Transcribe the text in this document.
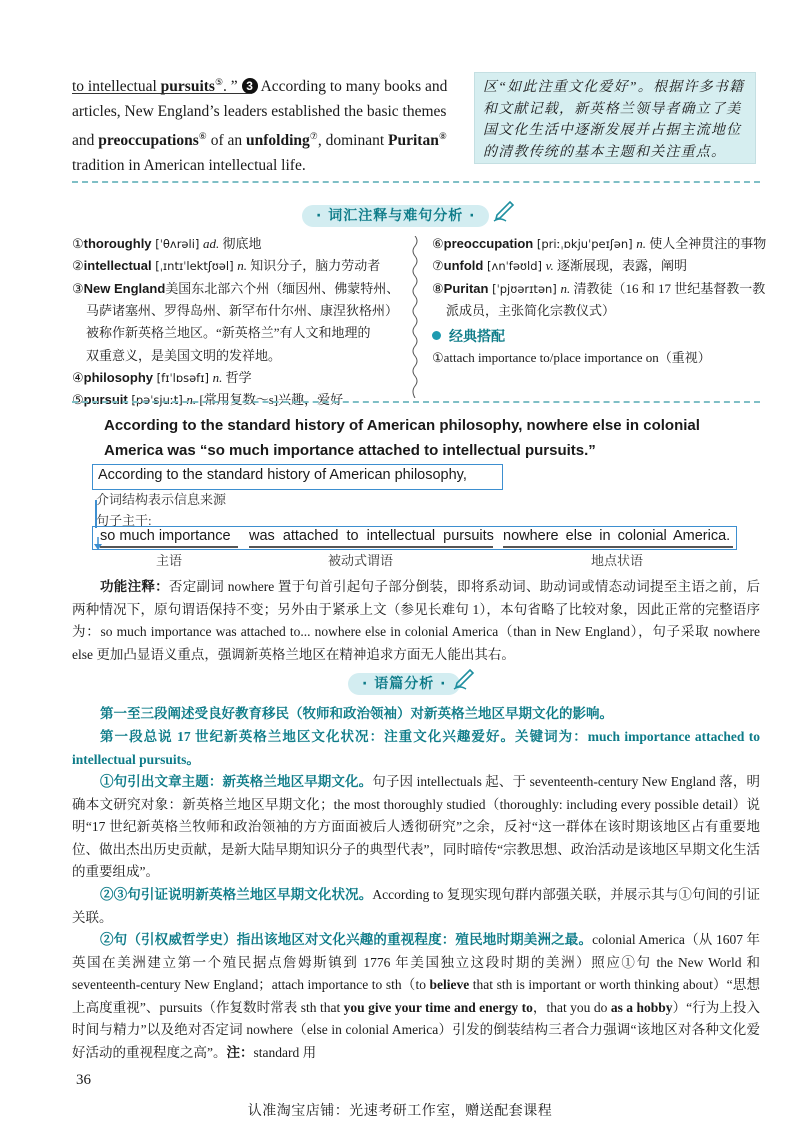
to intellectual pursuits⑤. ” 3 According to many books and
articles, New England’s leaders established the basic themes
and preoccupations⑥ of an unfolding⑦, dominant Puritan⑧
tradition in American intellectual life.
区“如此注重文化爱好”。根据许多书籍和文献记载，新英格兰领导者确立了美国文化生活中逐渐发展并占据主流地位的清教传统的基本主题和关注重点。
· 词汇注释与难句分析 ·
①thoroughly [ˈθʌrəli] ad. 彻底地
②intellectual [ˌɪntɪˈlektʃʊəl] n. 知识分子，脑力劳动者
③New England美国东北部六个州（缅因州、佛蒙特州、
马萨诸塞州、罗得岛州、新罕布什尔州、康涅狄格州）
被称作新英格兰地区。“新英格兰”有人文和地理的
双重意义，是美国文明的发祥地。
④philosophy [fɪˈlɒsəfɪ] n. 哲学
⑤pursuit [pəˈsjuːt] n. [常用复数～s]兴趣，爱好
⑥preoccupation [priːˌɒkjuˈpeɪʃən] n. 使人全神贯注的事物
⑦unfold [ʌnˈfəʊld] v. 逐渐展现，表露，阐明
⑧Puritan [ˈpjʊərɪtən] n. 清教徒（16 和 17 世纪基督教一教
派成员，主张简化宗教仪式）
经典搭配
①attach importance to/place importance on（重视）
According to the standard history of American philosophy, nowhere else in colonial America was “so much importance attached to intellectual pursuits.”
According to the standard history of American philosophy,
介词结构表示信息来源
句子主干:
so much importance was attached to intellectual pursuits nowhere else in colonial America.
主语	被动式谓语	地点状语
功能注释：否定副词 nowhere 置于句首引起句子部分倒装，即将系动词、助动词或情态动词提至主语之前，后两种情况下，原句谓语保持不变；另外由于紧承上文（参见长难句 1），本句省略了比较对象，因此正常的完整语序为：so much importance was attached to... nowhere else in colonial America（than in New England），句子采取 nowhere else 更加凸显语义重点，强调新英格兰地区在精神追求方面无人能出其右。
· 语篇分析 ·
第一至三段阐述受良好教育移民（牧师和政治领袖）对新英格兰地区早期文化的影响。
第一段总说 17 世纪新英格兰地区文化状况：注重文化兴趣爱好。关键词为：much importance attached to intellectual pursuits。
①句引出文章主题：新英格兰地区早期文化。句子因 intellectuals 起、于 seventeenth-century New England 落，明确本文研究对象：新英格兰地区早期文化；the most thoroughly studied（thoroughly: including every possible detail）说明“17 世纪新英格兰牧师和政治领袖的方方面面被后人透彻研究”之余，反衬“这一群体在该时期该地区占有重要地位、做出杰出历史贡献，是新大陆早期知识分子的典型代表”，同时暗传“宗教思想、政治活动是该地区早期文化生活的重要组成”。
②③句引证说明新英格兰地区早期文化状况。According to 复现实现句群内部强关联，并展示其与①句间的引证关联。
②句（引权威哲学史）指出该地区对文化兴趣的重视程度：殖民地时期美洲之最。colonial America（从 1607 年英国在美洲建立第一个殖民据点詹姆斯镇到 1776 年美国独立这段时期的美洲）照应①句 the New World 和 seventeenth-century New England；attach importance to sth（to believe that sth is important or worth thinking about）“思想上高度重视”、pursuits（作复数时常表 sth that you give your time and energy to，that you do as a hobby）“行为上投入时间与精力”以及绝对否定词 nowhere（else in colonial America）引发的倒装结构三者合力强调“该地区对各种文化爱好活动的重视程度之高”。注：standard 用
36
认准淘宝店铺：光速考研工作室，赠送配套课程
